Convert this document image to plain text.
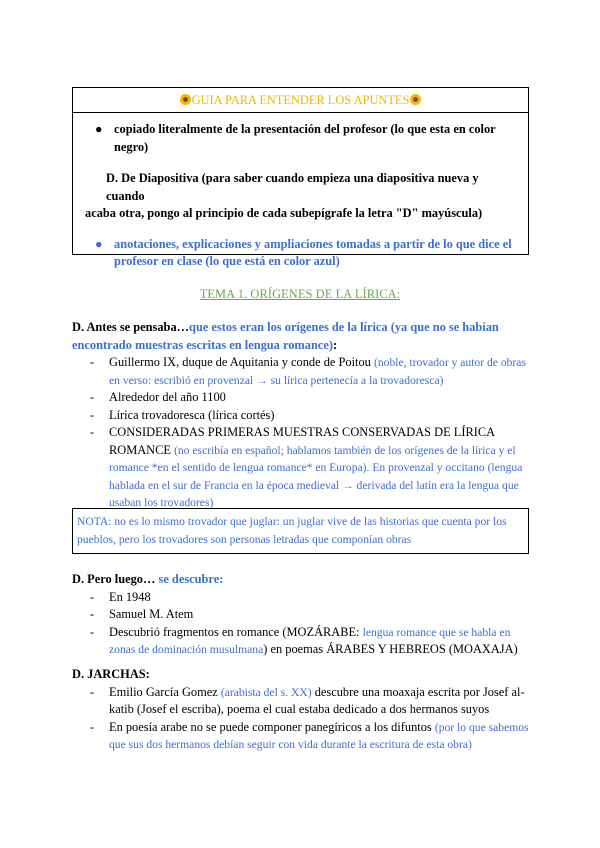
GUIA PARA ENTENDER LOS APUNTES
● copiado literalmente de la presentación del profesor (lo que esta en color negro)
D. De Diapositiva (para saber cuando empieza una diapositiva nueva y cuando
acaba otra, pongo al principio de cada subepígrafe la letra "D" mayúscula)
● anotaciones, explicaciones y ampliaciones tomadas a partir de lo que dice el profesor en clase (lo que está en color azul)
TEMA 1. ORÍGENES DE LA LÍRICA:
D. Antes se pensaba…que estos eran los orígenes de la lírica (ya que no se habían encontrado muestras escritas en lengua romance):
- Guillermo IX, duque de Aquitania y conde de Poitou (noble, trovador y autor de obras en verso: escribió en provenzal → su lírica pertenecía a la trovadoresca)
- Alrededor del año 1100
- Lírica trovadoresca (lírica cortés)
- CONSIDERADAS PRIMERAS MUESTRAS CONSERVADAS DE LÍRICA ROMANCE (no escribía en español; hablamos también de los orígenes de la lírica y el romance *en el sentido de lengua romance* en Europa). En provenzal y occitano (lengua hablada en el sur de Francia en la época medieval → derivada del latín era la lengua que usaban los trovadores)
NOTA: no es lo mismo trovador que juglar: un juglar vive de las historias que cuenta por los pueblos, pero los trovadores son personas letradas que componían obras
D. Pero luego… se descubre:
- En 1948
- Samuel M. Atem
- Descubrió fragmentos en romance (MOZÁRABE: lengua romance que se habla en zonas de dominación musulmana) en poemas ÁRABES Y HEBREOS (MOAXAJA)
D. JARCHAS:
- Emilio García Gomez (arabista del s. XX) descubre una moaxaja escrita por Josef al-katib (Josef el escriba), poema el cual estaba dedicado a dos hermanos suyos
- En poesía arabe no se puede componer panegíricos a los difuntos (por lo que sabemos que sus dos hermanos debían seguir con vida durante la escritura de esta obra)
